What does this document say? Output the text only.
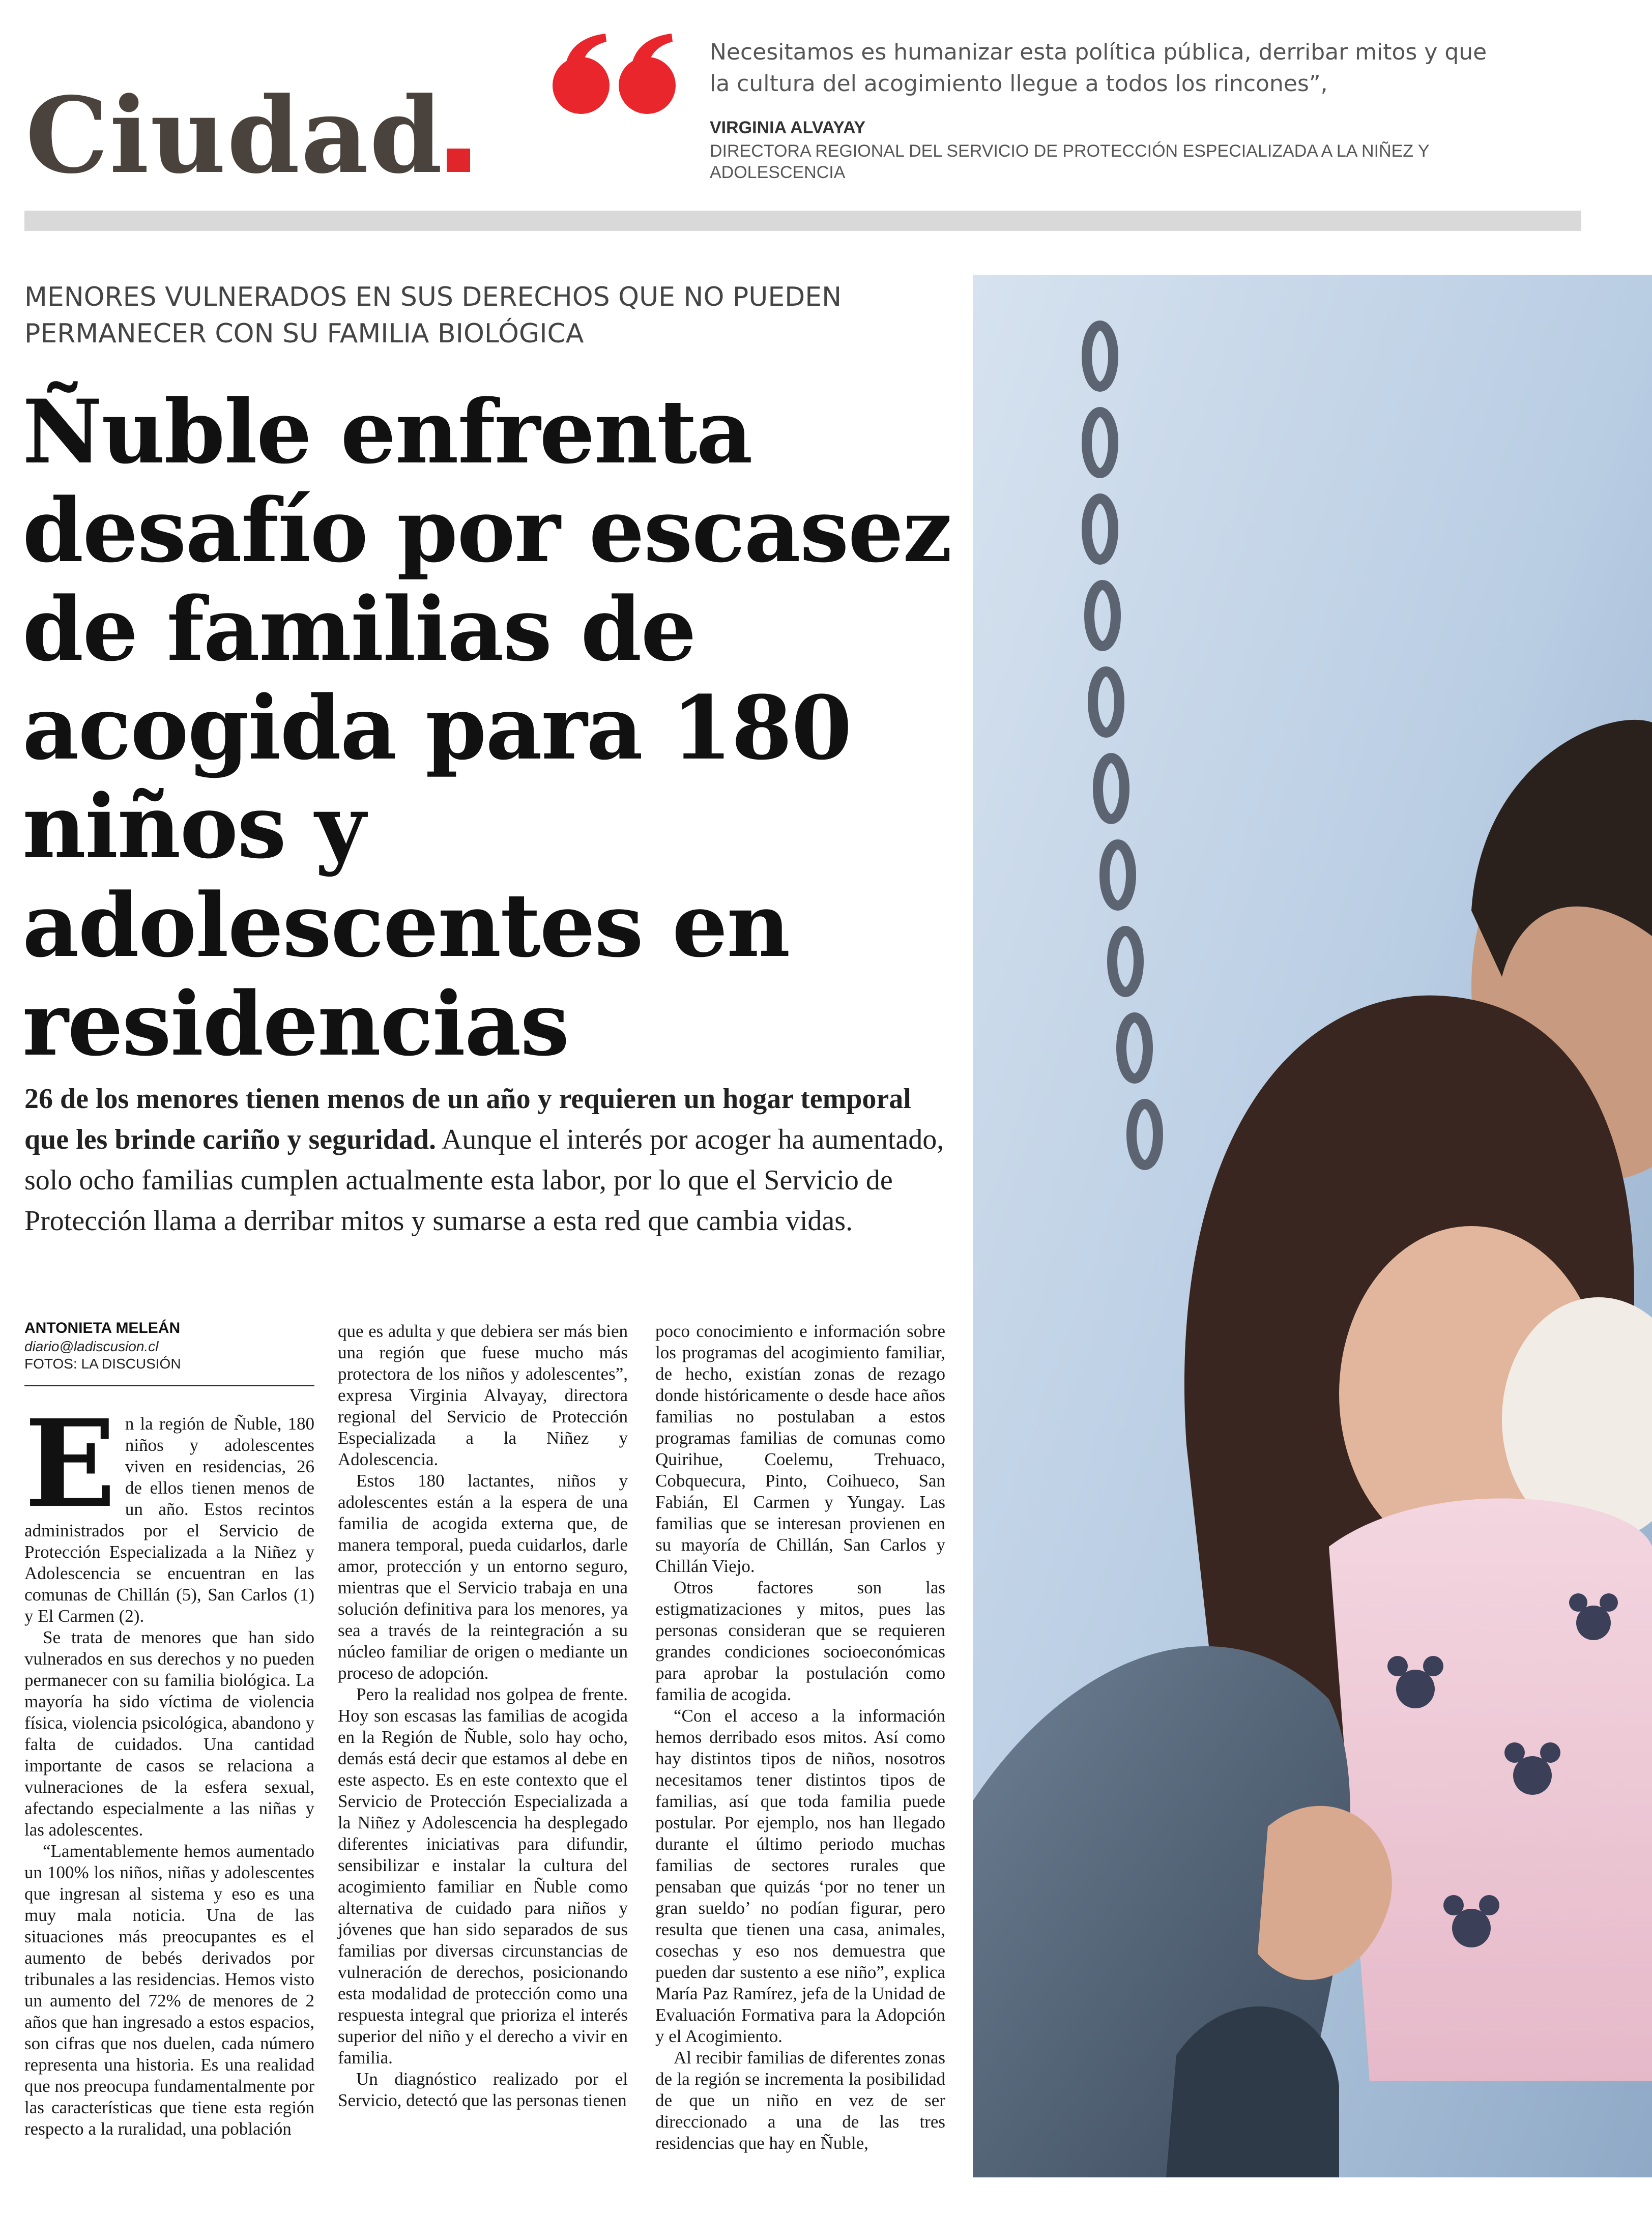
Ciudad
Necesitamos es humanizar esta política pública, derribar mitos y que la cultura del acogimiento llegue a todos los rincones”,
VIRGINIA ALVAYAY
DIRECTORA REGIONAL DEL SERVICIO DE PROTECCIÓN ESPECIALIZADA A LA NIÑEZ Y ADOLESCENCIA
MENORES VULNERADOS EN SUS DERECHOS QUE NO PUEDEN PERMANECER CON SU FAMILIA BIOLÓGICA
Ñuble enfrenta desafío por escasez de familias de acogida para 180 niños y adolescentes en residencias
26 de los menores tienen menos de un año y requieren un hogar temporal que les brinde cariño y seguridad. Aunque el interés por acoger ha aumentado, solo ocho familias cumplen actualmente esta labor, por lo que el Servicio de Protección llama a derribar mitos y sumarse a esta red que cambia vidas.
ANTONIETA MELEÁN
diario@ladiscusion.cl
FOTOS: LA DISCUSIÓN

En la región de Ñuble, 180 niños y adolescentes viven en residencias, 26 de ellos tienen menos de un año. Estos recintos administrados por el Servicio de Protección Especializada a la Niñez y Adolescencia se encuentran en las comunas de Chillán (5), San Carlos (1) y El Carmen (2).

Se trata de menores que han sido vulnerados en sus derechos y no pueden permanecer con su familia biológica. La mayoría ha sido víctima de violencia física, violencia psicológica, abandono y falta de cuidados. Una cantidad importante de casos se relaciona a vulneraciones de la esfera sexual, afectando especialmente a las niñas y las adolescentes.

“Lamentablemente hemos aumentado un 100% los niños, niñas y adolescentes que ingresan al sistema y eso es una muy mala noticia. Una de las situaciones más preocupantes es el aumento de bebés derivados por tribunales a las residencias. Hemos visto un aumento del 72% de menores de 2 años que han ingresado a estos espacios, son cifras que nos duelen, cada número representa una historia. Es una realidad que nos preocupa fundamentalmente por las características que tiene esta región respecto a la ruralidad, una población

que es adulta y que debiera ser más bien una región que fuese mucho más protectora de los niños y adolescentes”, expresa Virginia Alvayay, directora regional del Servicio de Protección Especializada a la Niñez y Adolescencia.

Estos 180 lactantes, niños y adolescentes están a la espera de una familia de acogida externa que, de manera temporal, pueda cuidarlos, darle amor, protección y un entorno seguro, mientras que el Servicio trabaja en una solución definitiva para los menores, ya sea a través de la reintegración a su núcleo familiar de origen o mediante un proceso de adopción.

Pero la realidad nos golpea de frente. Hoy son escasas las familias de acogida en la Región de Ñuble, solo hay ocho, demás está decir que estamos al debe en este aspecto. Es en este contexto que el Servicio de Protección Especializada a la Niñez y Adolescencia ha desplegado diferentes iniciativas para difundir, sensibilizar e instalar la cultura del acogimiento familiar en Ñuble como alternativa de cuidado para niños y jóvenes que han sido separados de sus familias por diversas circunstancias de vulneración de derechos, posicionando esta modalidad de protección como una respuesta integral que prioriza el interés superior del niño y el derecho a vivir en familia.

Un diagnóstico realizado por el Servicio, detectó que las personas tienen

poco conocimiento e información sobre los programas del acogimiento familiar, de hecho, existían zonas de rezago donde históricamente o desde hace años familias no postulaban a estos programas familias de comunas como Quirihue, Coelemu, Trehuaco, Cobquecura, Pinto, Coihueco, San Fabián, El Carmen y Yungay. Las familias que se interesan provienen en su mayoría de Chillán, San Carlos y Chillán Viejo.

Otros factores son las estigmatizaciones y mitos, pues las personas consideran que se requieren grandes condiciones socioeconómicas para aprobar la postulación como familia de acogida.

“Con el acceso a la información hemos derribado esos mitos. Así como hay distintos tipos de niños, nosotros necesitamos tener distintos tipos de familias, así que toda familia puede postular. Por ejemplo, nos han llegado durante el último periodo muchas familias de sectores rurales que pensaban que quizás ‘por no tener un gran sueldo’ no podían figurar, pero resulta que tienen una casa, animales, cosechas y eso nos demuestra que pueden dar sustento a ese niño”, explica María Paz Ramírez, jefa de la Unidad de Evaluación Formativa para la Adopción y el Acogimiento.

Al recibir familias de diferentes zonas de la región se incrementa la posibilidad de que un niño en vez de ser direccionado a una de las tres residencias que hay en Ñuble,
